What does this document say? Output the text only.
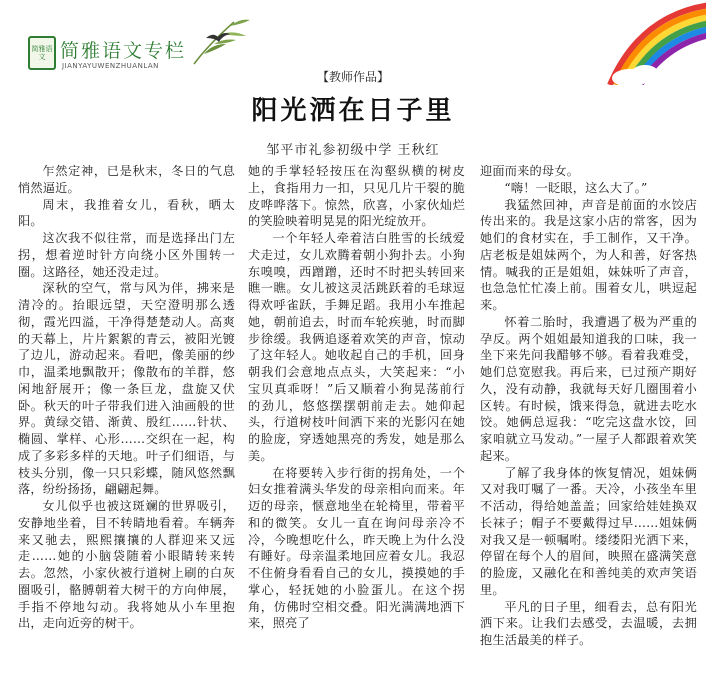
简雅语文 简雅语文专栏
JIANYAYUWENZHUANLAN
【教师作品】
阳光洒在日子里
邹平市礼参初级中学 王秋红

乍然定神，已是秋末，冬日的气息悄然逼近。

周末，我推着女儿，看秋，晒太阳。

这次我不似往常，而是选择出门左拐，想着逆时针方向绕小区外围转一圈。这路径，她还没走过。

深秋的空气，常与风为伴，拂来是清冷的。抬眼远望，天空澄明那么透彻，霞光四溢，干净得楚楚动人。高爽的天幕上，片片絮絮的青云，被阳光镀了边儿，游动起来。看吧，像美丽的纱巾，温柔地飘散开；像散布的羊群，悠闲地舒展开；像一条巨龙，盘旋又伏卧。秋天的叶子带我们进入油画般的世界。黄绿交错、渐黄、殷红……针状、椭圆、掌样、心形……交织在一起，构成了多彩多样的天地。叶子们细语，与枝头分别，像一只只彩蝶，随风悠然飘落，纷纷扬扬，翩翩起舞。

女儿似乎也被这斑斓的世界吸引，安静地坐着，目不转睛地看着。车辆奔来又驰去，熙熙攘攘的人群迎来又远走……她的小脑袋随着小眼睛转来转去。忽然，小家伙被行道树上刷的白灰圈吸引，骼膊朝着大树干的方向伸展，手指不停地勾动。我将她从小车里抱出，走向近旁的树干。

她的手掌轻轻按压在沟壑纵横的树皮上，食指用力一扣，只见几片干裂的脆皮哗哗落下。惊然，欣喜，小家伙灿烂的笑脸映着明晃晃的阳光绽放开。

一个年轻人牵着洁白胜雪的长绒爱犬走过，女儿欢腾着朝小狗扑去。小狗东嗅嗅，西蹭蹭，还时不时把头转回来瞧一瞧。女儿被这灵活跳跃着的毛球逗得欢呼雀跃，手舞足蹈。我用小车推起她，朝前追去，时而车轮疾驰，时而脚步徐缓。我俩追逐着欢笑的声音，惊动了这年轻人。她收起自己的手机，回身朝我们会意地点点头，大笑起来：“小宝贝真乖呀！”后又顺着小狗晃荡前行的劲儿，悠悠摆摆朝前走去。她仰起头，行道树枝叶间洒下来的光影闪在她的脸庞，穿透她黑亮的秀发，她是那么美。

在将要转入步行街的拐角处，一个妇女推着满头华发的母亲相向而来。年迈的母亲，惬意地坐在轮椅里，带着平和的微笑。女儿一直在询问母亲冷不冷，今晚想吃什么，昨天晚上为什么没有睡好。母亲温柔地回应着女儿。我忍不住俯身看看自己的女儿，摸摸她的手掌心，轻抚她的小脸蛋儿。在这个拐角，仿佛时空相交叠。阳光满满地洒下来，照亮了

迎面而来的母女。

“嗨！一眨眼，这么大了。”

我猛然回神，声音是前面的水饺店传出来的。我是这家小店的常客，因为她们的食材实在，手工制作，又干净。店老板是姐妹两个，为人和善，好客热情。喊我的正是姐姐，妹妹听了声音，也急急忙忙凑上前。围着女儿，哄逗起来。

怀着二胎时，我遭遇了极为严重的孕反。两个姐姐最知道我的口味，我一坐下来先问我醋够不够。看着我难受，她们总宽慰我。再后来，已过预产期好久，没有动静，我就每天好几圈围着小区转。有时候，饿来得急，就进去吃水饺。她俩总逗我：“吃完这盘水饺，回家咱就立马发动。”一屋子人都跟着欢笑起来。

了解了我身体的恢复情况，姐妹俩又对我叮嘱了一番。天冷，小孩坐车里不活动，得给她盖盖；回家给娃娃换双长袜子；帽子不要戴得过早……姐妹俩对我又是一顿嘱咐。缕缕阳光洒下来，停留在每个人的眉间，映照在盛满笑意的脸庞，又融化在和善纯美的欢声笑语里。

平凡的日子里，细看去，总有阳光洒下来。让我们去感受，去温暖，去拥抱生活最美的样子。
